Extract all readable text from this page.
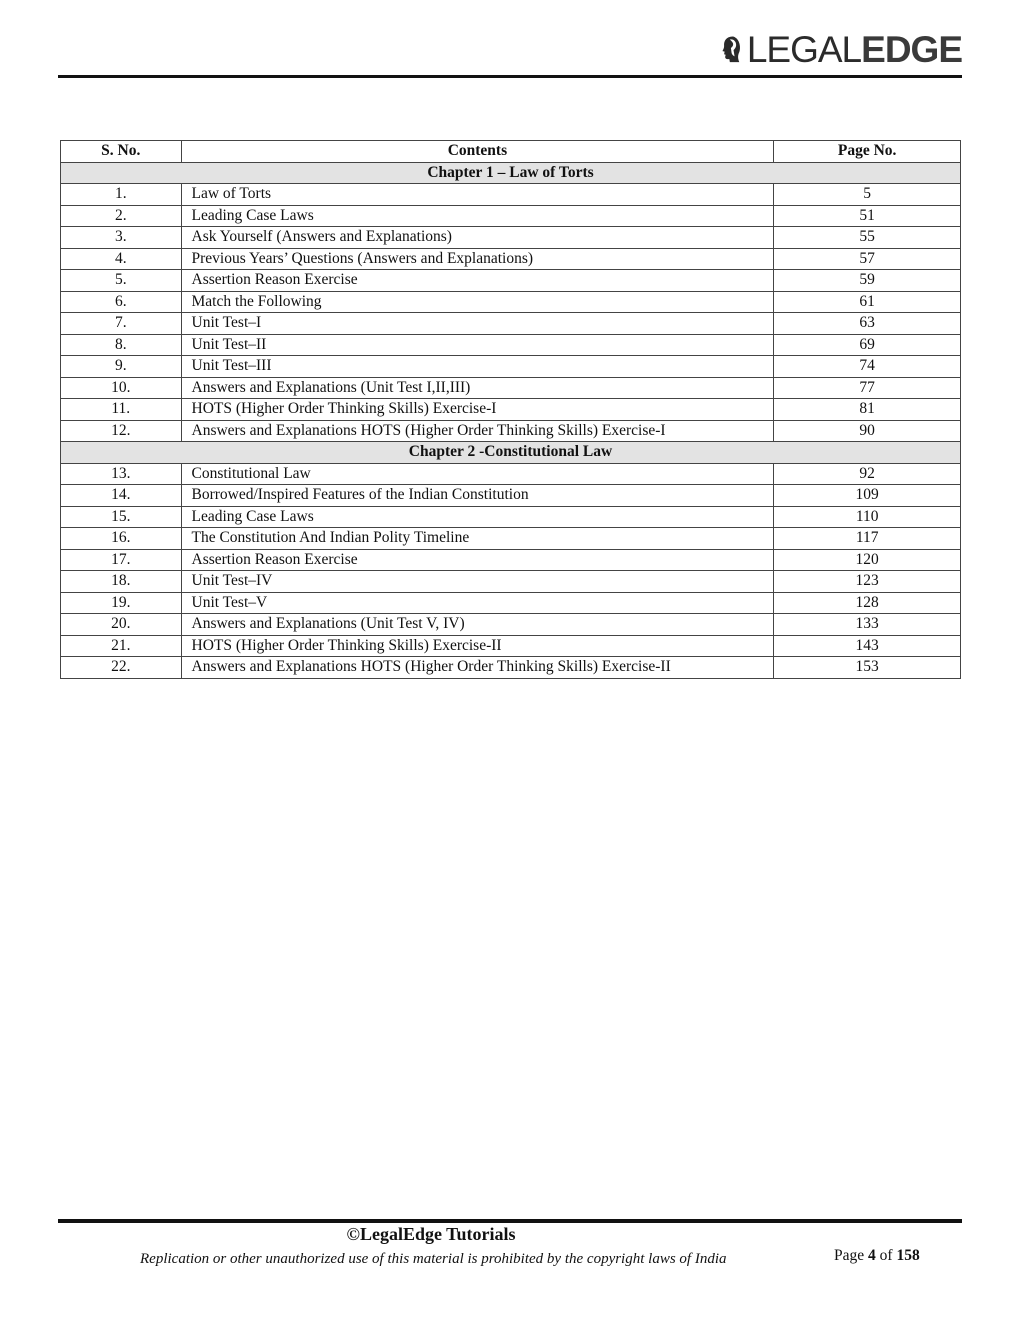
LEGALEDGE
S. No.	Contents	Page No.
Chapter 1 – Law of Torts		
1.	Law of Torts	5
2.	Leading Case Laws	51
3.	Ask Yourself (Answers and Explanations)	55
4.	Previous Years’ Questions (Answers and Explanations)	57
5.	Assertion Reason Exercise	59
6.	Match the Following	61
7.	Unit Test–I	63
8.	Unit Test–II	69
9.	Unit Test–III	74
10.	Answers and Explanations (Unit Test I,II,III)	77
11.	HOTS (Higher Order Thinking Skills) Exercise-I	81
12.	Answers and Explanations HOTS (Higher Order Thinking Skills) Exercise-I	90
Chapter 2 -Constitutional Law		
13.	Constitutional Law	92
14.	Borrowed/Inspired Features of the Indian Constitution	109
15.	Leading Case Laws	110
16.	The Constitution And Indian Polity Timeline	117
17.	Assertion Reason Exercise	120
18.	Unit Test–IV	123
19.	Unit Test–V	128
20.	Answers and Explanations (Unit Test V, IV)	133
21.	HOTS (Higher Order Thinking Skills) Exercise-II	143
22.	Answers and Explanations HOTS (Higher Order Thinking Skills) Exercise-II	153
©LegalEdge Tutorials
Replication or other unauthorized use of this material is prohibited by the copyright laws of India	Page 4 of 158
